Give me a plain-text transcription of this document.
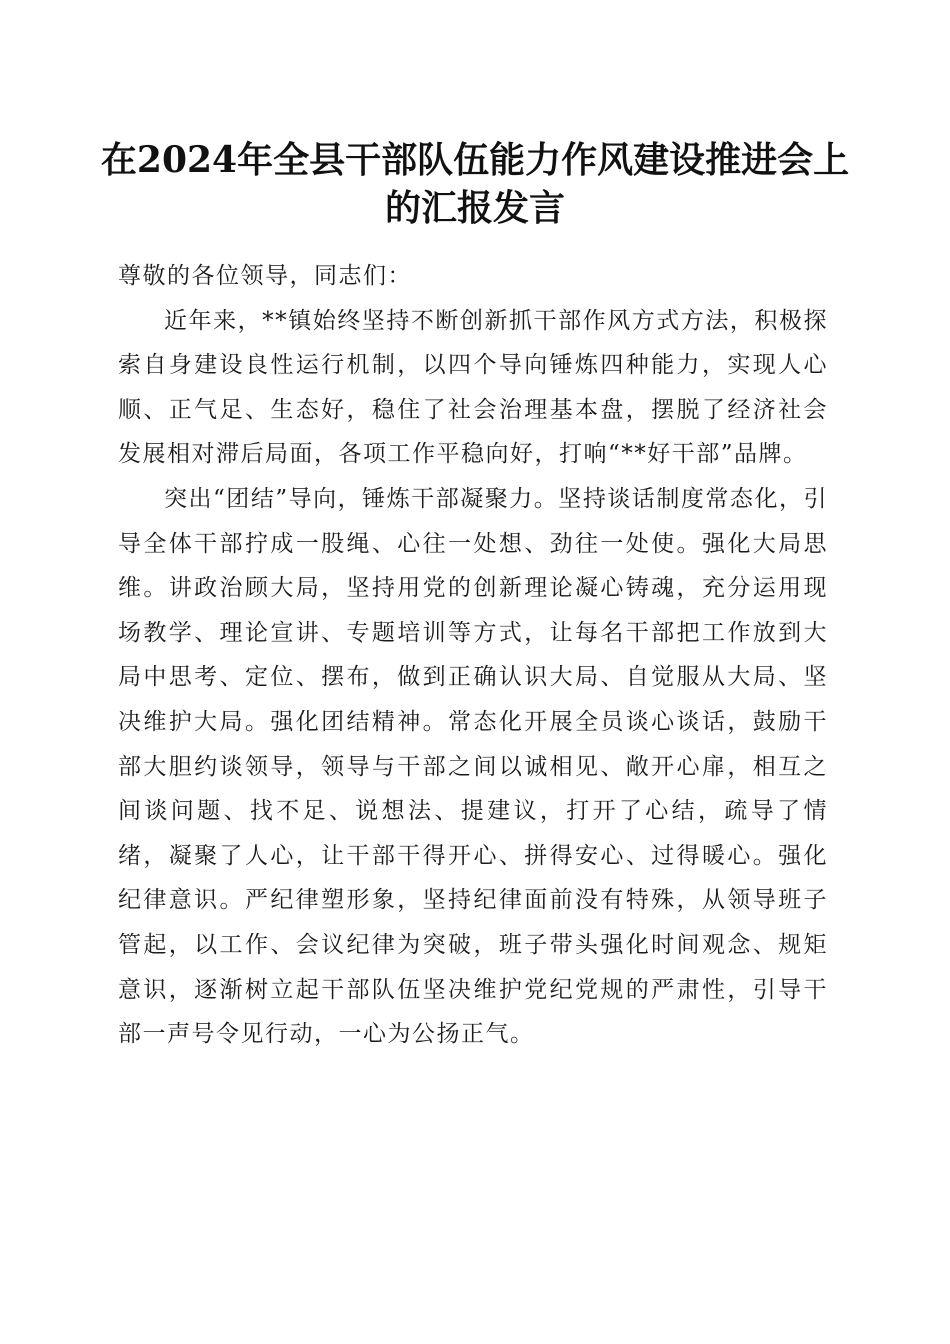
在2024年全县干部队伍能力作风建设推进会上的汇报发言

尊敬的各位领导，同志们：

近年来，**镇始终坚持不断创新抓干部作风方式方法，积极探索自身建设良性运行机制，以四个导向锤炼四种能力，实现人心顺、正气足、生态好，稳住了社会治理基本盘，摆脱了经济社会发展相对滞后局面，各项工作平稳向好，打响“**好干部”品牌。

突出“团结”导向，锤炼干部凝聚力。坚持谈话制度常态化，引导全体干部拧成一股绳、心往一处想、劲往一处使。强化大局思维。讲政治顾大局，坚持用党的创新理论凝心铸魂，充分运用现场教学、理论宣讲、专题培训等方式，让每名干部把工作放到大局中思考、定位、摆布，做到正确认识大局、自觉服从大局、坚决维护大局。强化团结精神。常态化开展全员谈心谈话，鼓励干部大胆约谈领导，领导与干部之间以诚相见、敞开心扉，相互之间谈问题、找不足、说想法、提建议，打开了心结，疏导了情绪，凝聚了人心，让干部干得开心、拼得安心、过得暖心。强化纪律意识。严纪律塑形象，坚持纪律面前没有特殊，从领导班子管起，以工作、会议纪律为突破，班子带头强化时间观念、规矩意识，逐渐树立起干部队伍坚决维护党纪党规的严肃性，引导干部一声号令见行动，一心为公扬正气。
